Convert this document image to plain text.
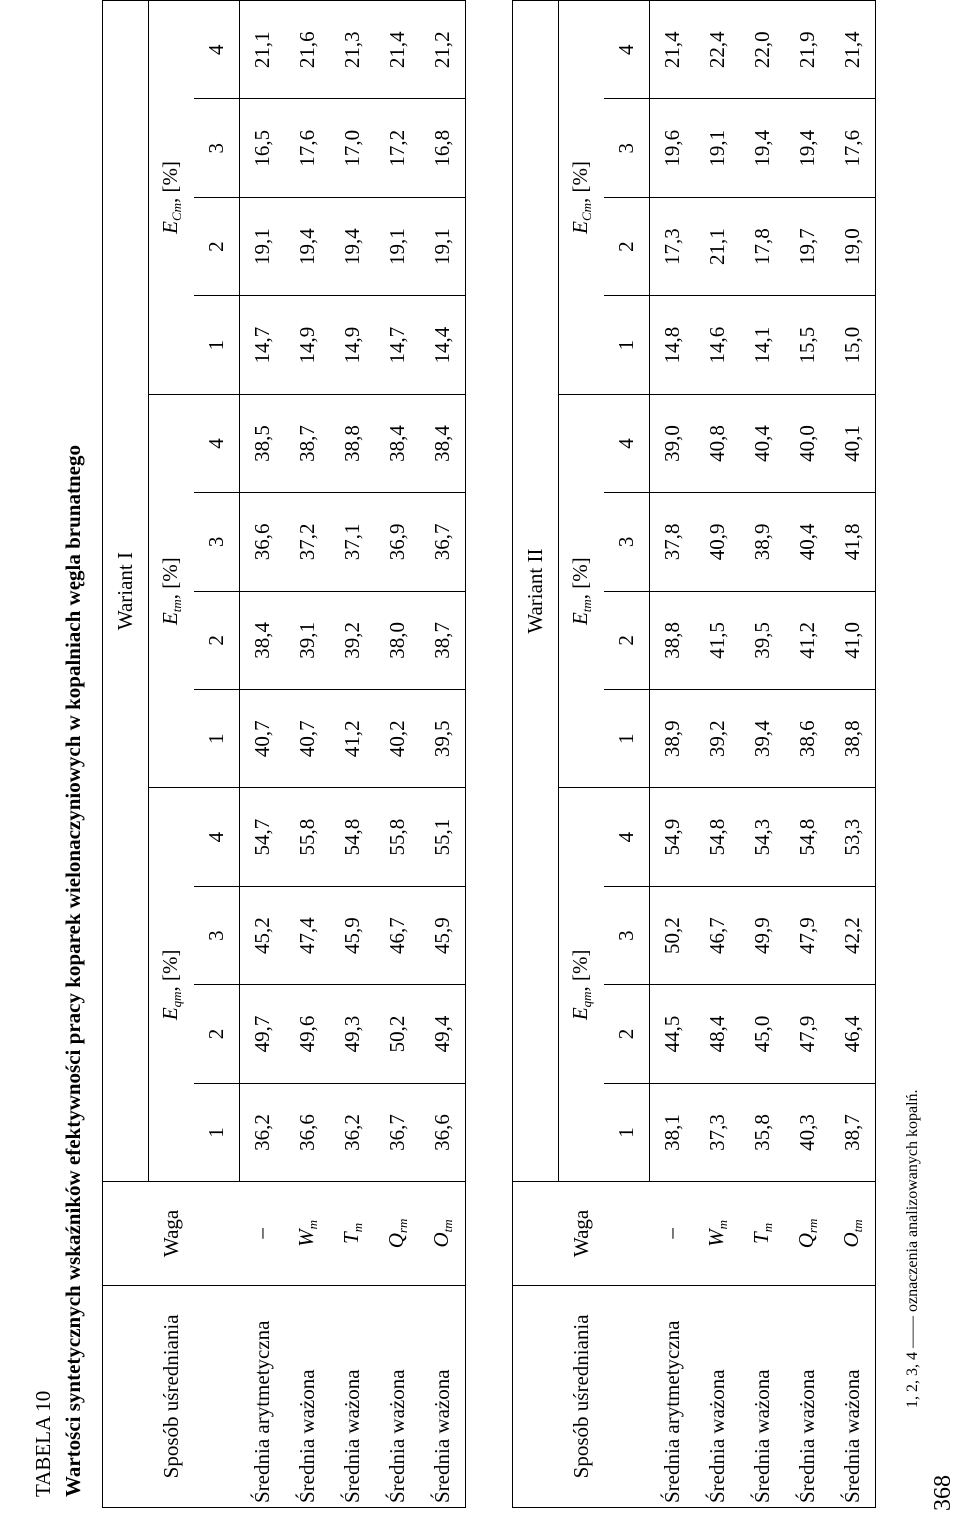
368
TABELA 10 Wartości syntetycznych wskaźników efektywności pracy koparek wielonaczyniowych w kopalniach węgla brunatnego	Sposób uśredniania	Waga	Wariant I											
		$E_{qm}$, [%]				$E_{tm}$, [%]				$E_{Cm}$, [%]			
		1	2	3	4	1	2	3	4	1	2	3	4
Średnia arytmetyczna	–	36,2	49,7	45,2	54,7	40,7	38,4	36,6	38,5	14,7	19,1	16,5	21,1
Średnia ważona	$W_m$	36,6	49,6	47,4	55,8	40,7	39,1	37,2	38,7	14,9	19,4	17,6	21,6
Średnia ważona	$T_m$	36,2	49,3	45,9	54,8	41,2	39,2	37,1	38,8	14,9	19,4	17,0	21,3
Średnia ważona	$Q_{rm}$	36,7	50,2	46,7	55,8	40,2	38,0	36,9	38,4	14,7	19,1	17,2	21,4
Średnia ważona	$O_{tm}$	36,6	49,4	45,9	55,1	39,5	38,7	36,7	38,4	14,4	19,1	16,8	21,2
Sposób uśredniania	Waga	Wariant II											
		$E_{qm}$, [%]				$E_{tm}$, [%]				$E_{Cm}$, [%]			
		1	2	3	4	1	2	3	4	1	2	3	4
Średnia arytmetyczna	–	38,1	44,5	50,2	54,9	38,9	38,8	37,8	39,0	14,8	17,3	19,6	21,4
Średnia ważona	$W_m$	37,3	48,4	46,7	54,8	39,2	41,5	40,9	40,8	14,6	21,1	19,1	22,4
Średnia ważona	$T_m$	35,8	45,0	49,9	54,3	39,4	39,5	38,9	40,4	14,1	17,8	19,4	22,0
Średnia ważona	$Q_{rm}$	40,3	47,9	47,9	54,8	38,6	41,2	40,4	40,0	15,5	19,7	19,4	21,9
Średnia ważona	$O_{tm}$	38,7	46,4	42,2	53,3	38,8	41,0	41,8	40,1	15,0	19,0	17,6	21,4
1, 2, 3, 4 —— oznaczenia analizowanych kopalń.
